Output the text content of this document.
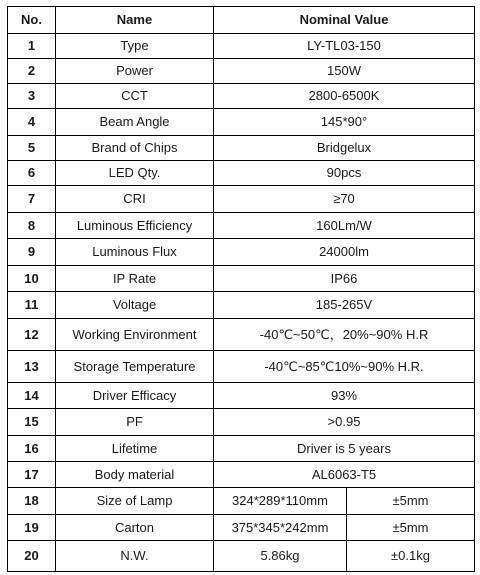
No.	Name	Nominal Value	
1	Type	LY-TL03-150	
2	Power	150W	
3	CCT	2800-6500K	
4	Beam Angle	145*90°	
5	Brand of Chips	Bridgelux	
6	LED Qty.	90pcs	
7	CRI	≥70	
8	Luminous Efficiency	160Lm/W	
9	Luminous Flux	24000lm	
10	IP Rate	IP66	
11	Voltage	185-265V	
12	Working Environment	-40℃~50℃，20%~90% H.R	
13	Storage Temperature	-40℃~85℃10%~90% H.R.	
14	Driver Efficacy	93%	
15	PF	>0.95	
16	Lifetime	Driver is 5 years	
17	Body material	AL6063-T5	
18	Size of Lamp	324*289*110mm	±5mm
19	Carton	375*345*242mm	±5mm
20	N.W.	5.86kg	±0.1kg
